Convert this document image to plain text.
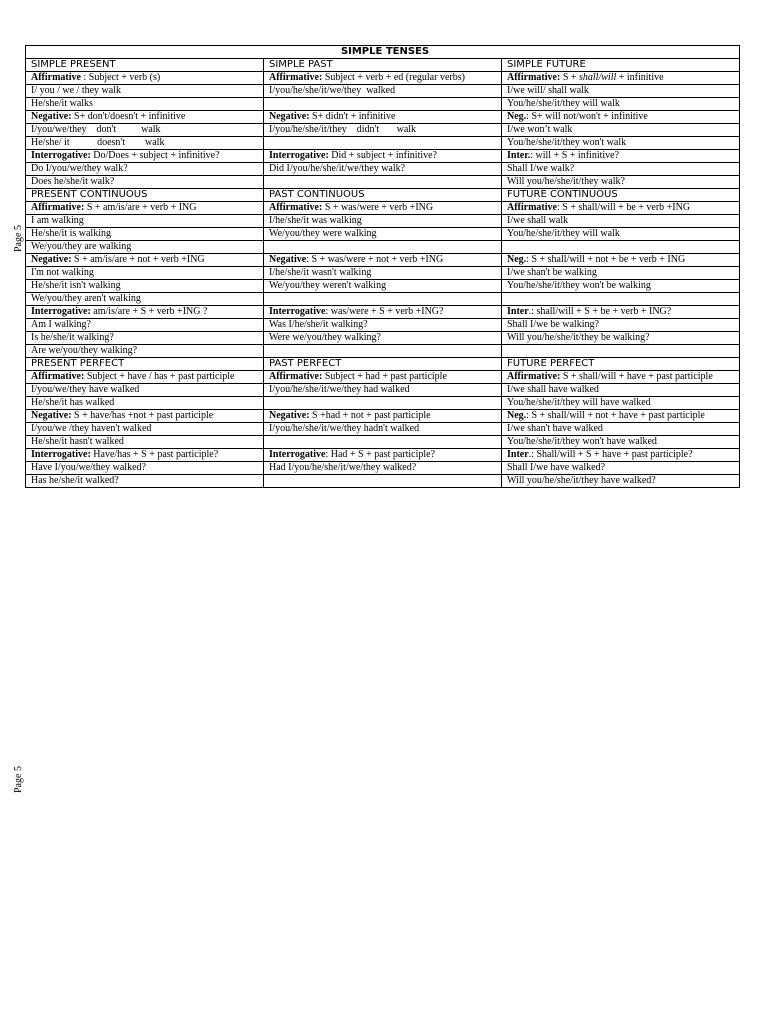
Page 5
Page 5
SIMPLE TENSES		
SIMPLE PRESENT	SIMPLE PAST	SIMPLE FUTURE
Affirmative : Subject + verb (s)	Affirmative: Subject + verb + ed (regular verbs)	Affirmative: S + shall/will + infinitive
I/ you / we / they walk	I/you/he/she/it/we/they  walked	I/we will/ shall walk
He/she/it walks		You/he/she/it/they will walk
Negative: S+ don't/doesn't + infinitive	Negative: S+ didn't + infinitive	Neg.: S+ will not/won't + infinitive
I/you/we/they    don't          walk	I/you/he/she/it/they    didn't       walk	I/we won’t walk
He/she/ it           doesn't        walk		You/he/she/it/they won't walk
Interrogative: Do/Does + subject + infinitive?	Interrogative: Did + subject + infinitive?	Inter.: will + S + infinitive?
Do I/you/we/they walk?	Did I/you/he/she/it/we/they walk?	Shall I/we walk?
Does he/she/it walk?		Will you/he/she/it/they walk?
PRESENT CONTINUOUS	PAST CONTINUOUS	FUTURE CONTINUOUS
Affirmative: S + am/is/are + verb + ING	Affirmative: S + was/were + verb +ING	Affirmative: S + shall/will + be + verb +ING
I am walking	I/he/she/it was walking	I/we shall walk
He/she/it is walking	We/you/they were walking	You/he/she/it/they will walk
We/you/they are walking		
Negative: S + am/is/are + not + verb +ING	Negative: S + was/were + not + verb +ING	Neg.: S + shall/will + not + be + verb + ING
I'm not walking	I/he/she/it wasn't walking	I/we shan't be walking
He/she/it isn't walking	We/you/they weren't walking	You/he/she/it/they won't be walking
We/you/they aren't walking		
Interrogative: am/is/are + S + verb +ING ?	Interrogative: was/were + S + verb +ING?	Inter.: shall/will + S + be + verb + ING?
Am I walking?	Was I/he/she/it walking?	Shall I/we be walking?
Is he/she/it walking?	Were we/you/they walking?	Will you/he/she/it/they be walking?
Are we/you/they walking?		
PRESENT PERFECT	PAST PERFECT	FUTURE PERFECT
Affirmative: Subject + have / has + past participle	Affirmative: Subject + had + past participle	Affirmative: S + shall/will + have + past participle
I/you/we/they have walked	I/you/he/she/it/we/they had walked	I/we shall have walked
He/she/it has walked		You/he/she/it/they will have walked
Negative: S + have/has +not + past participle	Negative: S +had + not + past participle	Neg.: S + shall/will + not + have + past participle
I/you/we /they haven't walked	I/you/he/she/it/we/they hadn't walked	I/we shan't have walked
He/she/it hasn't walked		You/he/she/it/they won't have walked
Interrogative: Have/has + S + past participle?	Interrogative: Had + S + past participle?	Inter.: Shall/will + S + have + past participle?
Have I/you/we/they walked?	Had I/you/he/she/it/we/they walked?	Shall I/we have walked?
Has he/she/it walked?		Will you/he/she/it/they have walked?
